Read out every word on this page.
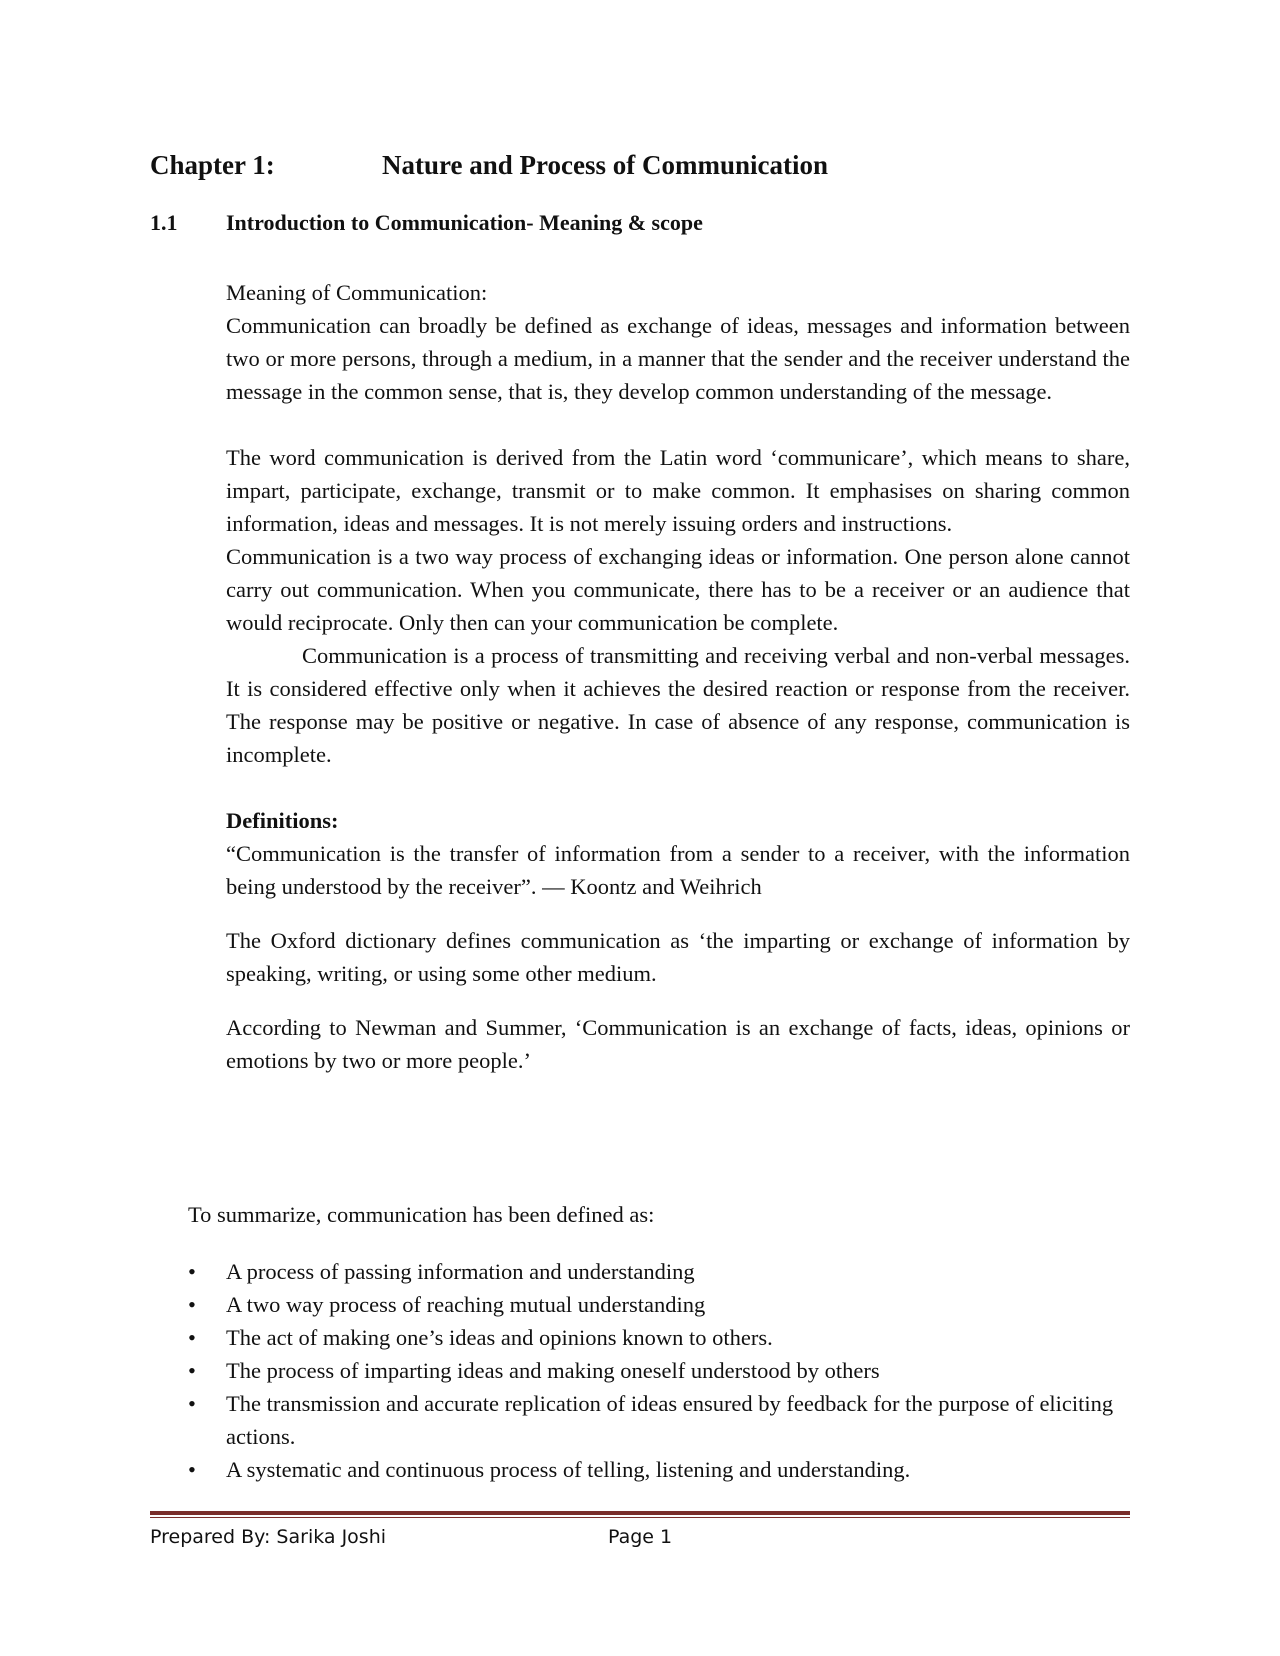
Chapter 1:	Nature and Process of Communication
1.1 Introduction to Communication- Meaning & scope

Meaning of Communication:

Communication can broadly be defined as exchange of ideas, messages and information between two or more persons, through a medium, in a manner that the sender and the receiver understand the message in the common sense, that is, they develop common understanding of the message.

The word communication is derived from the Latin word ‘communicare’, which means to share, impart, participate, exchange, transmit or to make common. It emphasises on sharing common information, ideas and messages. It is not merely issuing orders and instructions.

Communication is a two way process of exchanging ideas or information. One person alone cannot carry out communication. When you communicate, there has to be a receiver or an audience that would reciprocate. Only then can your communication be complete.

Communication is a process of transmitting and receiving verbal and non-verbal messages. It is considered effective only when it achieves the desired reaction or response from the receiver. The response may be positive or negative. In case of absence of any response, communication is incomplete.

Definitions:

“Communication is the transfer of information from a sender to a receiver, with the information being understood by the receiver”. — Koontz and Weihrich

The Oxford dictionary defines communication as ‘the imparting or exchange of information by speaking, writing, or using some other medium.

According to Newman and Summer, ‘Communication is an exchange of facts, ideas, opinions or emotions by two or more people.’

To summarize, communication has been defined as:

•	A process of passing information and understanding
•	A two way process of reaching mutual understanding
•	The act of making one’s ideas and opinions known to others.
•	The process of imparting ideas and making oneself understood by others
•	The transmission and accurate replication of ideas ensured by feedback for the purpose of eliciting actions.
•	A systematic and continuous process of telling, listening and understanding.
Prepared By: Sarika Joshi	Page 1
